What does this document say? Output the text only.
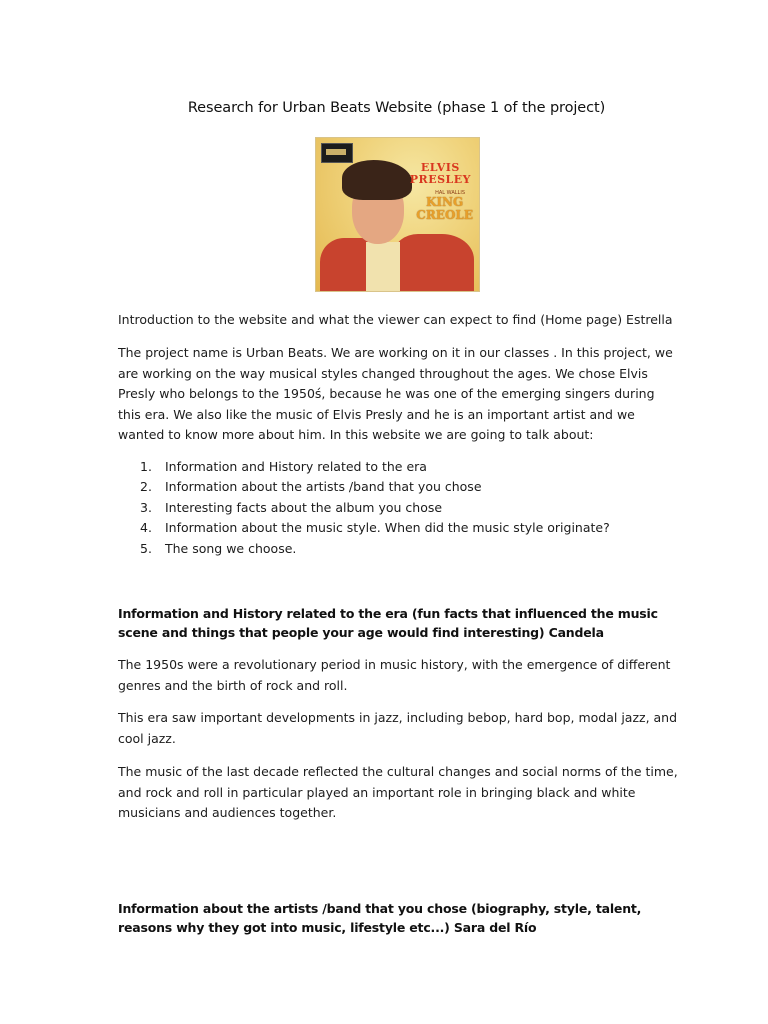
Research for Urban Beats Website (phase 1 of the project)
ELVIS
PRESLEY
HAL WALLIS
KING
CREOLE
Introduction to the website and what the viewer can expect to find (Home page) Estrella
The project name is Urban Beats. We are working on it in our classes . In this project, we are working on the way musical styles changed throughout the ages. We chose Elvis Presly who belongs to the 1950ś, because he was one of the emerging singers during this era. We also like the music of Elvis Presly and he is an important artist and we wanted to know more about him. In this website we are going to talk about:
1. Information and History related to the era
2. Information about the artists /band that you chose
3. Interesting facts about the album you chose
4. Information about the music style. When did the music style originate?
5. The song we choose.
Information and History related to the era (fun facts that influenced the music scene and things that people your age would find interesting) Candela
The 1950s were a revolutionary period in music history, with the emergence of different genres and the birth of rock and roll.
This era saw important developments in jazz, including bebop, hard bop, modal jazz, and cool jazz.
The music of the last decade reflected the cultural changes and social norms of the time, and rock and roll in particular played an important role in bringing black and white musicians and audiences together.
Information about the artists /band that you chose (biography, style, talent, reasons why they got into music, lifestyle etc...) Sara del Río
